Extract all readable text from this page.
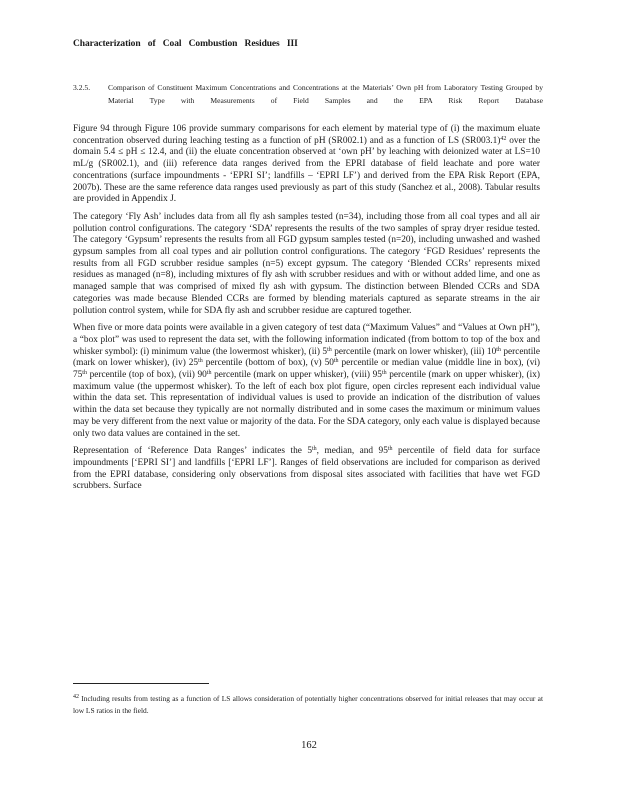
Characterization of Coal Combustion Residues III
3.2.5. Comparison of Constituent Maximum Concentrations and Concentrations at the Materials’ Own pH from Laboratory Testing Grouped by Material Type with Measurements of Field Samples and the EPA Risk Report Database

Figure 94 through Figure 106 provide summary comparisons for each element by material type of (i) the maximum eluate concentration observed during leaching testing as a function of pH (SR002.1) and as a function of LS $(SR003.1)^{42}$ over the domain 5.4 ≤ pH ≤ 12.4, and (ii) the eluate concentration observed at ‘own pH’ by leaching with deionized water at LS=10 mL/g (SR002.1), and (iii) reference data ranges derived from the EPRI database of field leachate and pore water concentrations (surface impoundments - ‘EPRI SI’; landfills – ‘EPRI LF’) and derived from the EPA Risk Report (EPA, 2007b). These are the same reference data ranges used previously as part of this study (Sanchez et al., 2008). Tabular results are provided in Appendix J.

The category ‘Fly Ash’ includes data from all fly ash samples tested (n=34), including those from all coal types and all air pollution control configurations. The category ‘SDA’ represents the results of the two samples of spray dryer residue tested. The category ‘Gypsum’ represents the results from all FGD gypsum samples tested (n=20), including unwashed and washed gypsum samples from all coal types and air pollution control configurations. The category ‘FGD Residues’ represents the results from all FGD scrubber residue samples (n=5) except gypsum. The category ‘Blended CCRs’ represents mixed residues as managed (n=8), including mixtures of fly ash with scrubber residues and with or without added lime, and one as managed sample that was comprised of mixed fly ash with gypsum. The distinction between Blended CCRs and SDA categories was made because Blended CCRs are formed by blending materials captured as separate streams in the air pollution control system, while for SDA fly ash and scrubber residue are captured together.

When five or more data points were available in a given category of test data (“Maximum Values” and “Values at Own pH”), a “box plot” was used to represent the data set, with the following information indicated (from bottom to top of the box and whisker symbol): (i) minimum value (the lowermost whisker), (ii) 5th percentile (mark on lower whisker), (iii) 10th percentile (mark on lower whisker), (iv) 25th percentile (bottom of box), (v) 50th percentile or median value (middle line in box), (vi) 75th percentile (top of box), (vii) 90th percentile (mark on upper whisker), (viii) 95th percentile (mark on upper whisker), (ix) maximum value (the uppermost whisker). To the left of each box plot figure, open circles represent each individual value within the data set. This representation of individual values is used to provide an indication of the distribution of values within the data set because they typically are not normally distributed and in some cases the maximum or minimum values may be very different from the next value or majority of the data. For the SDA category, only each value is displayed because only two data values are contained in the set.

Representation of ‘Reference Data Ranges’ indicates the 5th, median, and 95th percentile of field data for surface impoundments [‘EPRI SI’] and landfills [‘EPRI LF’]. Ranges of field observations are included for comparison as derived from the EPRI database, considering only observations from disposal sites associated with facilities that have wet FGD scrubbers. Surface

$^{42}$ Including results from testing as a function of LS allows consideration of potentially higher concentrations observed for initial releases that may occur at low LS ratios in the field.
162
